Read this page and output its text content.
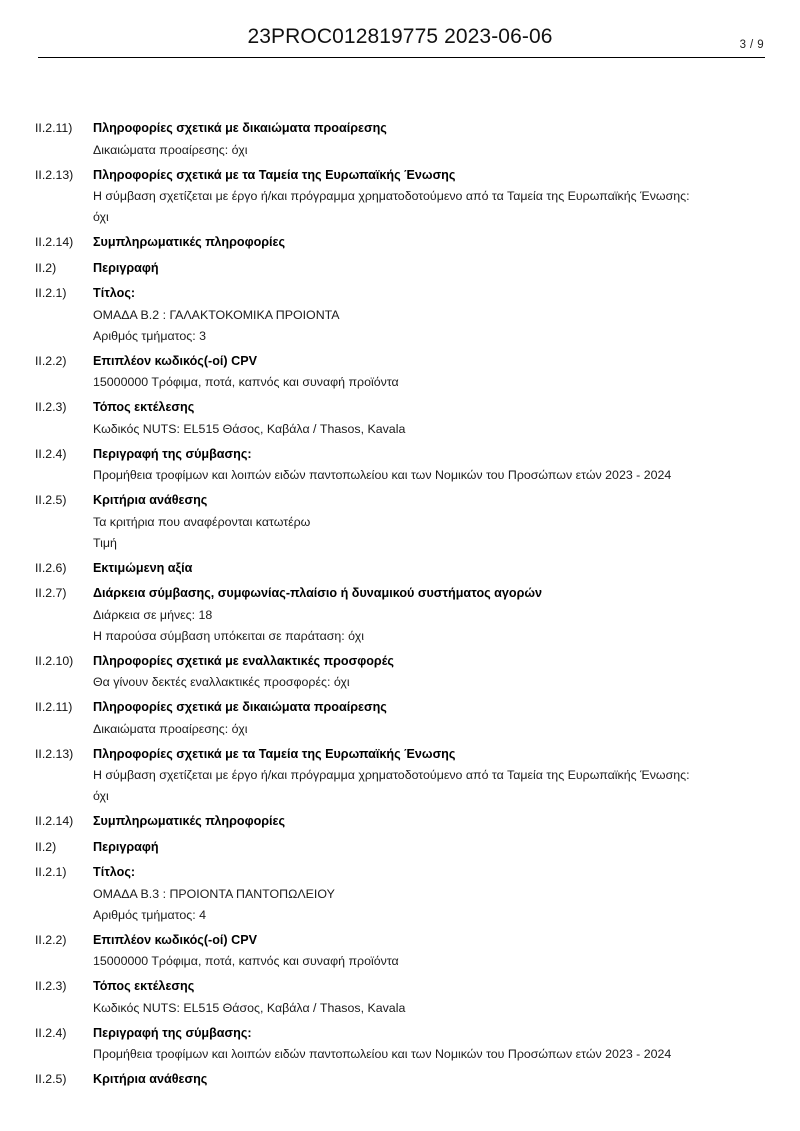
23PROC012819775 2023-06-06	3 / 9
II.2.11)	Πληροφορίες σχετικά με δικαιώματα προαίρεσης
Δικαιώματα προαίρεσης: όχι
II.2.13)	Πληροφορίες σχετικά με τα Ταμεία της Ευρωπαϊκής Ένωσης
Η σύμβαση σχετίζεται με έργο ή/και πρόγραμμα χρηματοδοτούμενο από τα Ταμεία της Ευρωπαϊκής Ένωσης:
όχι
II.2.14)	Συμπληρωματικές πληροφορίες
II.2)	Περιγραφή
II.2.1)	Τίτλος:
ΟΜΑΔΑ Β.2 : ΓΑΛΑΚΤΟΚΟΜΙΚΑ ΠΡΟΙΟΝΤΑ
Αριθμός τμήματος: 3
II.2.2)	Επιπλέον κωδικός(-οί) CPV
15000000 Τρόφιμα, ποτά, καπνός και συναφή προϊόντα
II.2.3)	Τόπος εκτέλεσης
Κωδικός NUTS: EL515 Θάσος, Καβάλα / Thasos, Kavala
II.2.4)	Περιγραφή της σύμβασης:
Προμήθεια τροφίμων και λοιπών ειδών παντοπωλείου και των Νομικών του Προσώπων ετών 2023 - 2024
II.2.5)	Κριτήρια ανάθεσης
Τα κριτήρια που αναφέρονται κατωτέρω
Τιμή
II.2.6)	Εκτιμώμενη αξία
II.2.7)	Διάρκεια σύμβασης, συμφωνίας-πλαίσιο ή δυναμικού συστήματος αγορών
Διάρκεια σε μήνες: 18
Η παρούσα σύμβαση υπόκειται σε παράταση: όχι
II.2.10)	Πληροφορίες σχετικά με εναλλακτικές προσφορές
Θα γίνουν δεκτές εναλλακτικές προσφορές: όχι
II.2.11)	Πληροφορίες σχετικά με δικαιώματα προαίρεσης
Δικαιώματα προαίρεσης: όχι
II.2.13)	Πληροφορίες σχετικά με τα Ταμεία της Ευρωπαϊκής Ένωσης
Η σύμβαση σχετίζεται με έργο ή/και πρόγραμμα χρηματοδοτούμενο από τα Ταμεία της Ευρωπαϊκής Ένωσης:
όχι
II.2.14)	Συμπληρωματικές πληροφορίες
II.2)	Περιγραφή
II.2.1)	Τίτλος:
ΟΜΑΔΑ Β.3 : ΠΡΟΙΟΝΤΑ ΠΑΝΤΟΠΩΛΕΙΟΥ
Αριθμός τμήματος: 4
II.2.2)	Επιπλέον κωδικός(-οί) CPV
15000000 Τρόφιμα, ποτά, καπνός και συναφή προϊόντα
II.2.3)	Τόπος εκτέλεσης
Κωδικός NUTS: EL515 Θάσος, Καβάλα / Thasos, Kavala
II.2.4)	Περιγραφή της σύμβασης:
Προμήθεια τροφίμων και λοιπών ειδών παντοπωλείου και των Νομικών του Προσώπων ετών 2023 - 2024
II.2.5)	Κριτήρια ανάθεσης
